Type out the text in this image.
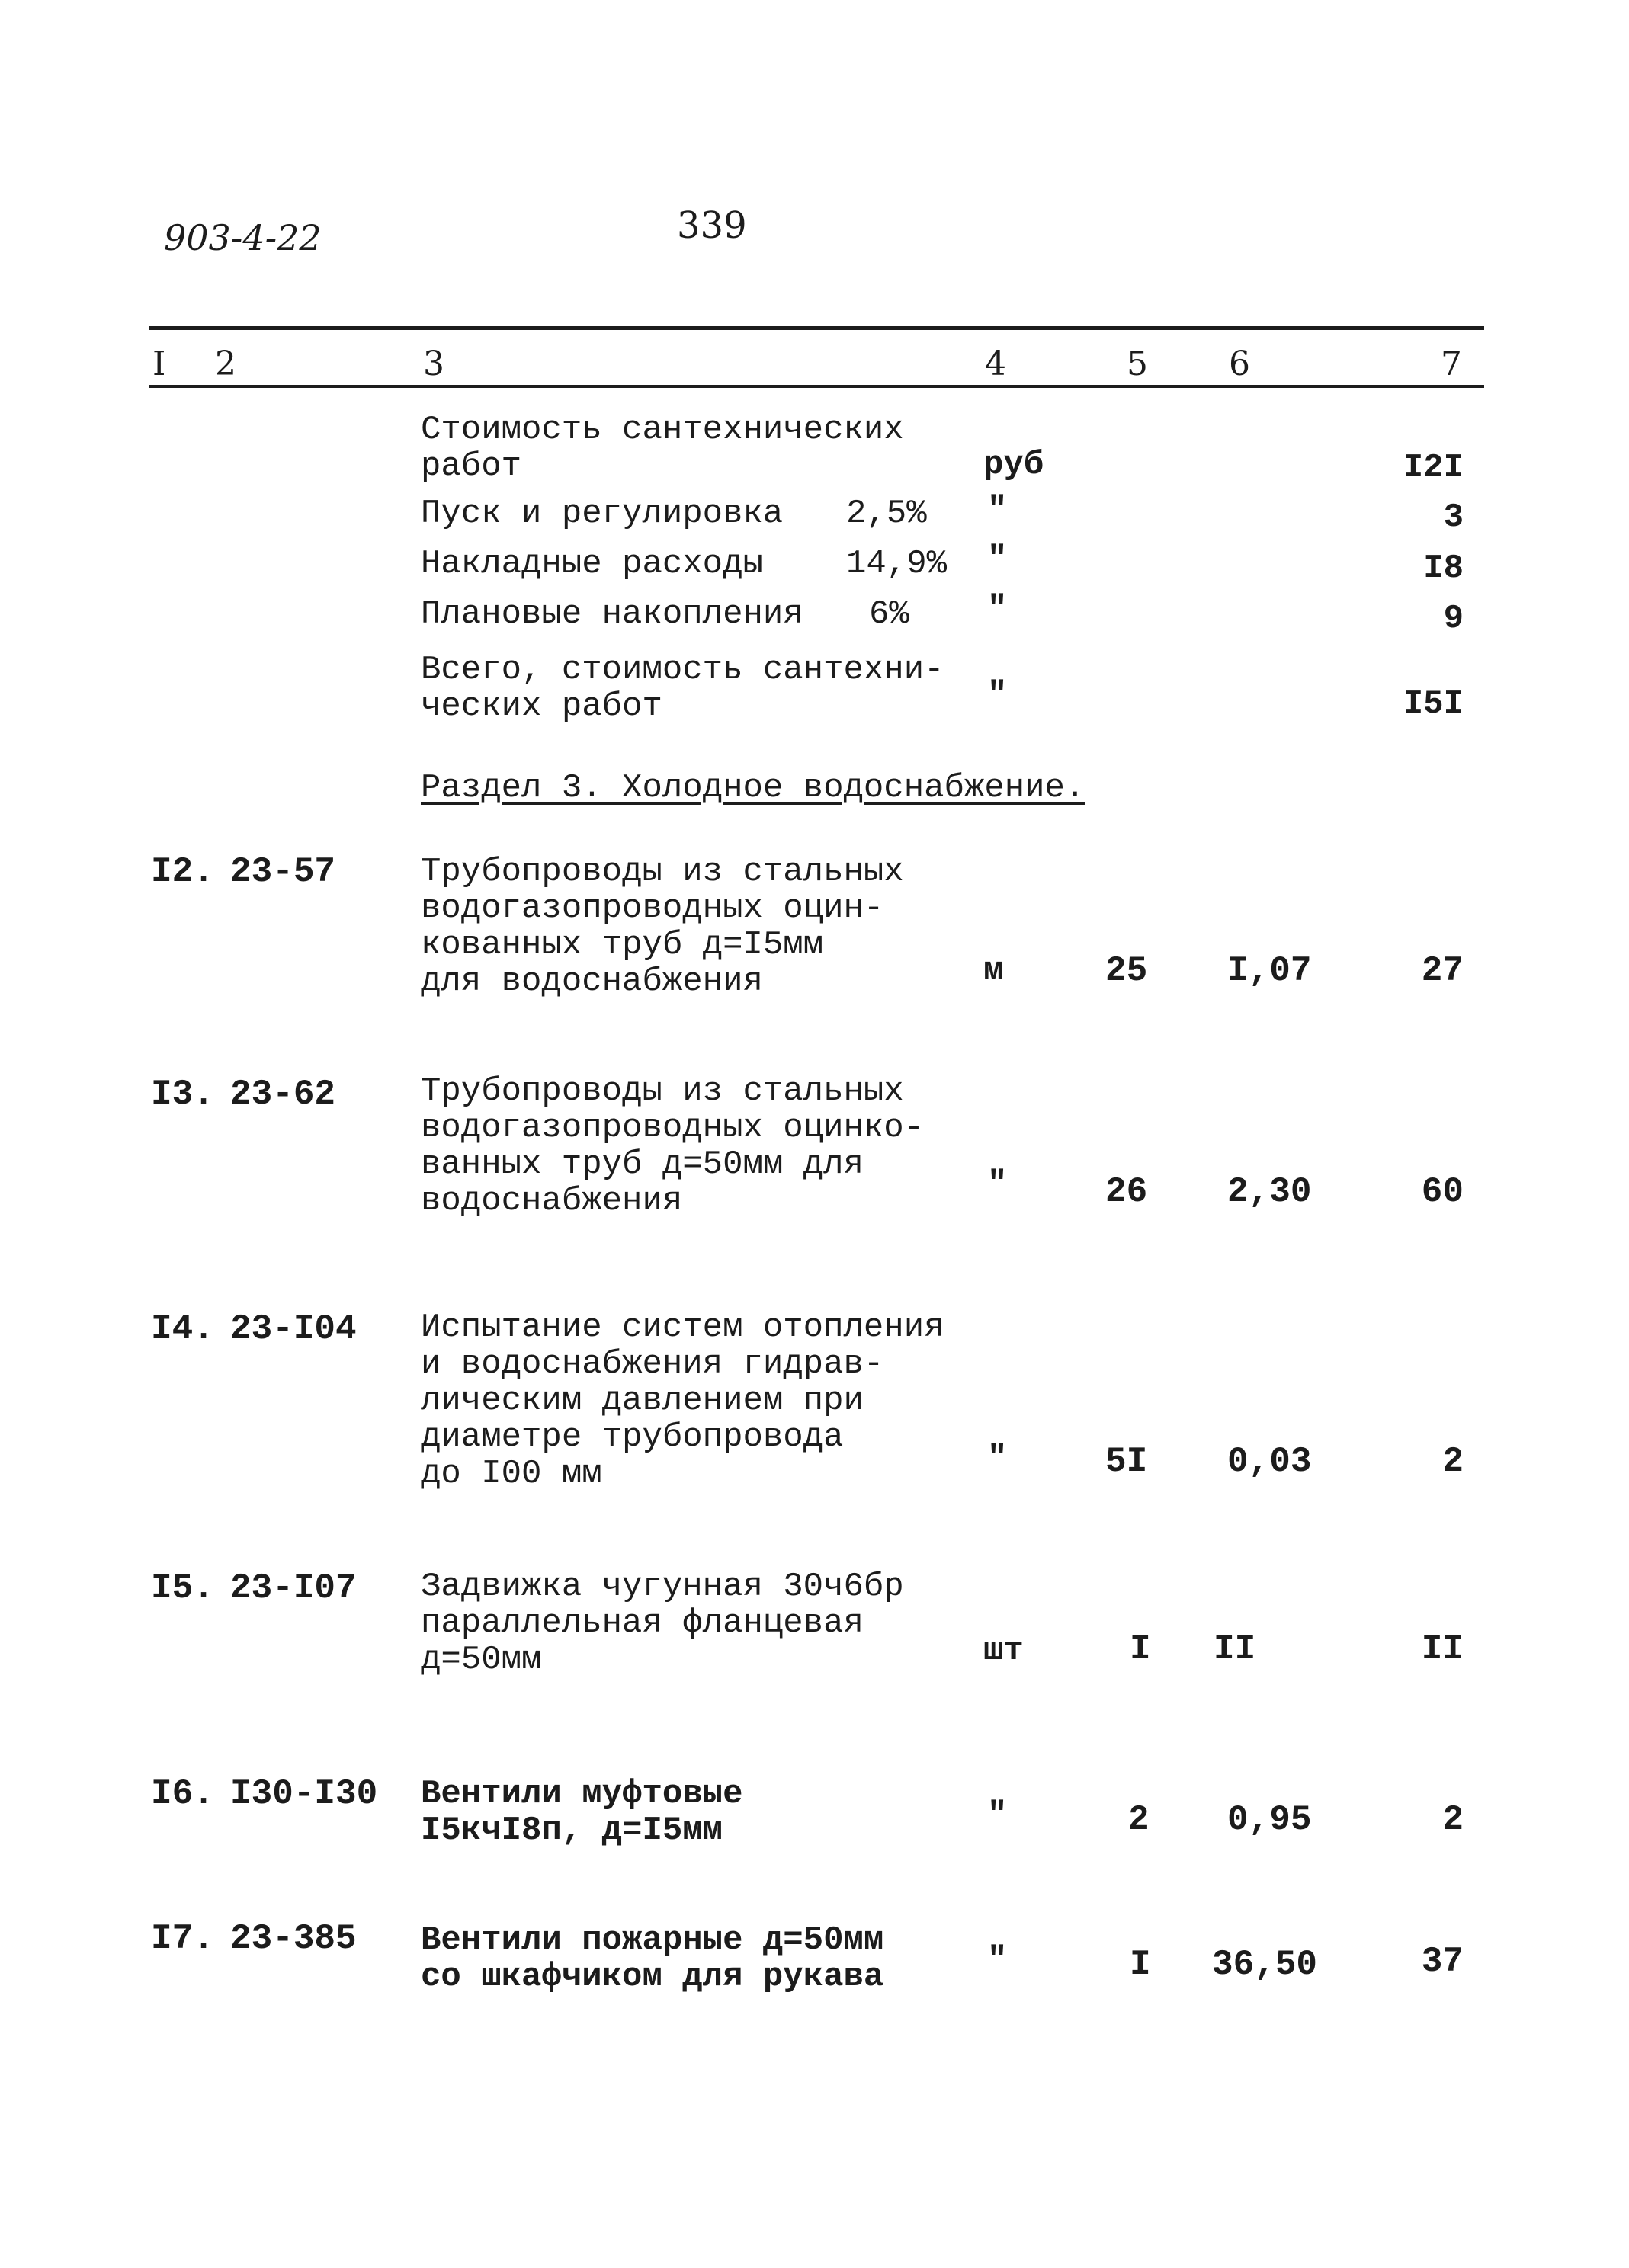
903-4-22	339
I 2	3	4	5 6	7
Стоимость сантехнических
работ	руб	I2I
Пуск и регулировка 2,5% "	3
Накладные расходы 14,9% "	I8
Плановые накопления 6% "	9
Всего, стоимость сантехни-
ческих работ	"	I5I
Раздел 3. Холодное водоснабжение.
I2. 23-57	Трубопроводы из стальных
водогазопроводных оцин-
кованных труб д=I5мм
для водоснабжения	м	25 I,07	27
I3. 23-62	Трубопроводы из стальных
водогазопроводных оцинко-
ванных труб д=50мм для
водоснабжения	"	26 2,30	60
I4. 23-I04 Испытание систем отопления
и водоснабжения гидрав-
лическим давлением при
диаметре трубопровода
до I00 мм	"	5I 0,03	2
I5. 23-I07 Задвижка чугунная 30ч6бр
параллельная фланцевая
д=50мм	шт	I II	II
I6. I30-I30 Вентили муфтовые
I5кчI8п, д=I5мм	"	2 0,95	2
I7. 23-385 Вентили пожарные д=50мм
со шкафчиком для рукава	"	I 36,50	37
